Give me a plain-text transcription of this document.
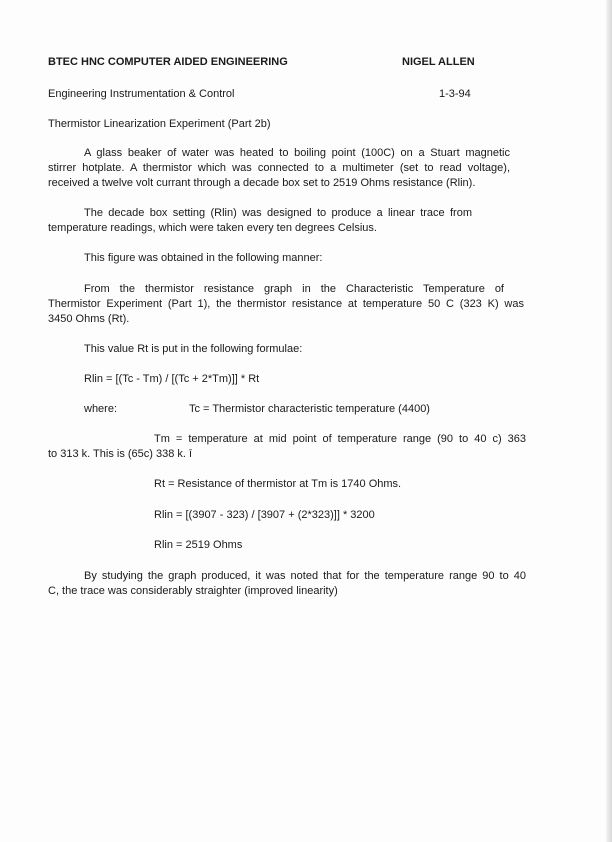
BTEC HNC COMPUTER AIDED ENGINEERING	NIGEL ALLEN
Engineering Instrumentation & Control	1-3-94
Thermistor Linearization Experiment (Part 2b)
A glass beaker of water was heated to boiling point (100C) on a Stuart magnetic
stirrer hotplate. A thermistor which was connected to a multimeter (set to read voltage),
received a twelve volt currant through a decade box set to 2519 Ohms resistance (Rlin).
The decade box setting (Rlin) was designed to produce a linear trace from
temperature readings, which were taken every ten degrees Celsius.
This figure was obtained in the following manner:
From the thermistor resistance graph in the Characteristic Temperature of
Thermistor Experiment (Part 1), the thermistor resistance at temperature 50 C (323 K) was
3450 Ohms (Rt).
This value Rt is put in the following formulae:
Rlin = [(Tc - Tm) / [(Tc + 2*Tm)]] * Rt
where:	Tc = Thermistor characteristic temperature (4400)
Tm = temperature at mid point of temperature range (90 to 40 c) 363
to 313 k. This is (65c) 338 k. ī
Rt = Resistance of thermistor at Tm is 1740 Ohms.
Rlin = [(3907 - 323) / [3907 + (2*323)]] * 3200
Rlin = 2519 Ohms
By studying the graph produced, it was noted that for the temperature range 90 to 40
C, the trace was considerably straighter (improved linearity)
